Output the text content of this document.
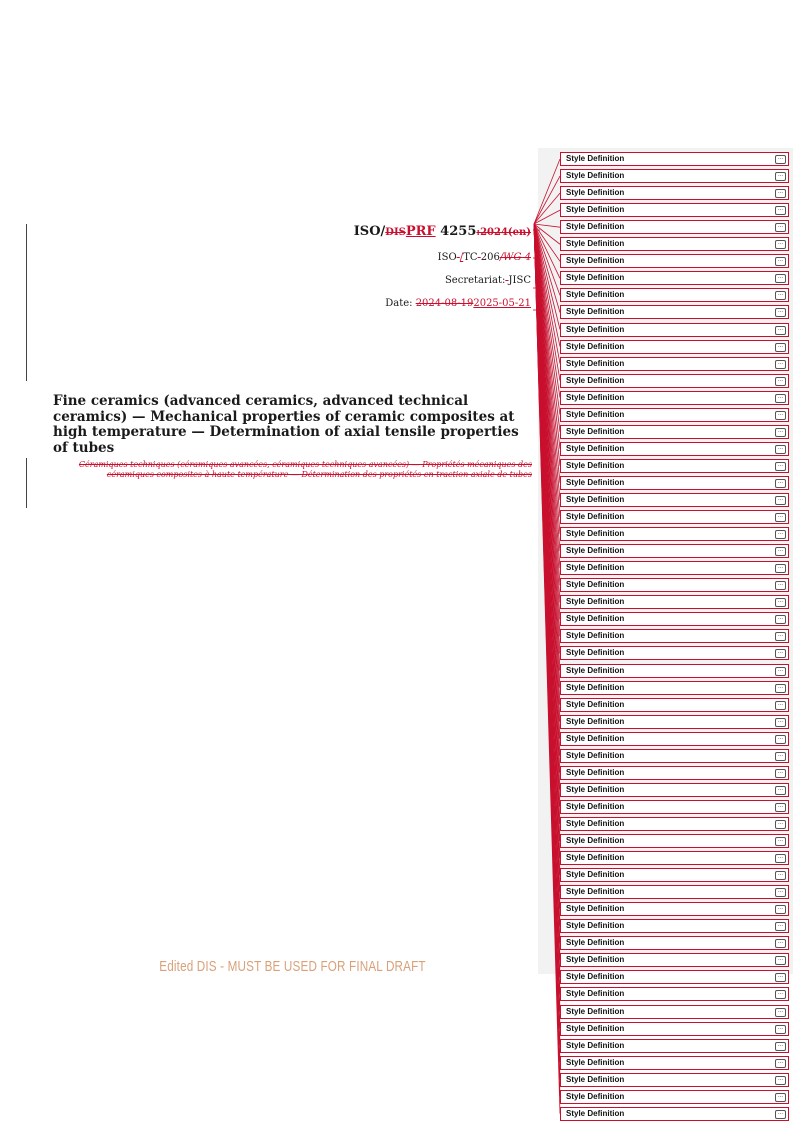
ISO/DISPRF 4255:2024(en)
ISO /TC 206/WG 4
Secretariat: JISC
Date: 2024-08-192025-05-21
Fine ceramics (advanced ceramics, advanced technical ceramics) — Mechanical properties of ceramic composites at high temperature — Determination of axial tensile properties of tubes
Céramiques techniques (céramiques avancées, céramiques techniques avancées) — Propriétés mécaniques des céramiques composites à haute température — Détermination des propriétés en traction axiale de tubes
Edited DIS - MUST BE USED FOR FINAL DRAFT
Style Definition	...
Style Definition	...
Style Definition	...
Style Definition	...
Style Definition	...
Style Definition	...
Style Definition	...
Style Definition	...
Style Definition	...
Style Definition	...
Style Definition	...
Style Definition	...
Style Definition	...
Style Definition	...
Style Definition	...
Style Definition	...
Style Definition	...
Style Definition	...
Style Definition	...
Style Definition	...
Style Definition	...
Style Definition	...
Style Definition	...
Style Definition	...
Style Definition	...
Style Definition	...
Style Definition	...
Style Definition	...
Style Definition	...
Style Definition	...
Style Definition	...
Style Definition	...
Style Definition	...
Style Definition	...
Style Definition	...
Style Definition	...
Style Definition	...
Style Definition	...
Style Definition	...
Style Definition	...
Style Definition	...
Style Definition	...
Style Definition	...
Style Definition	...
Style Definition	...
Style Definition	...
Style Definition	...
Style Definition	...
Style Definition	...
Style Definition	...
Style Definition	...
Style Definition	...
Style Definition	...
Style Definition	...
Style Definition	...
Style Definition	...
Style Definition	...
